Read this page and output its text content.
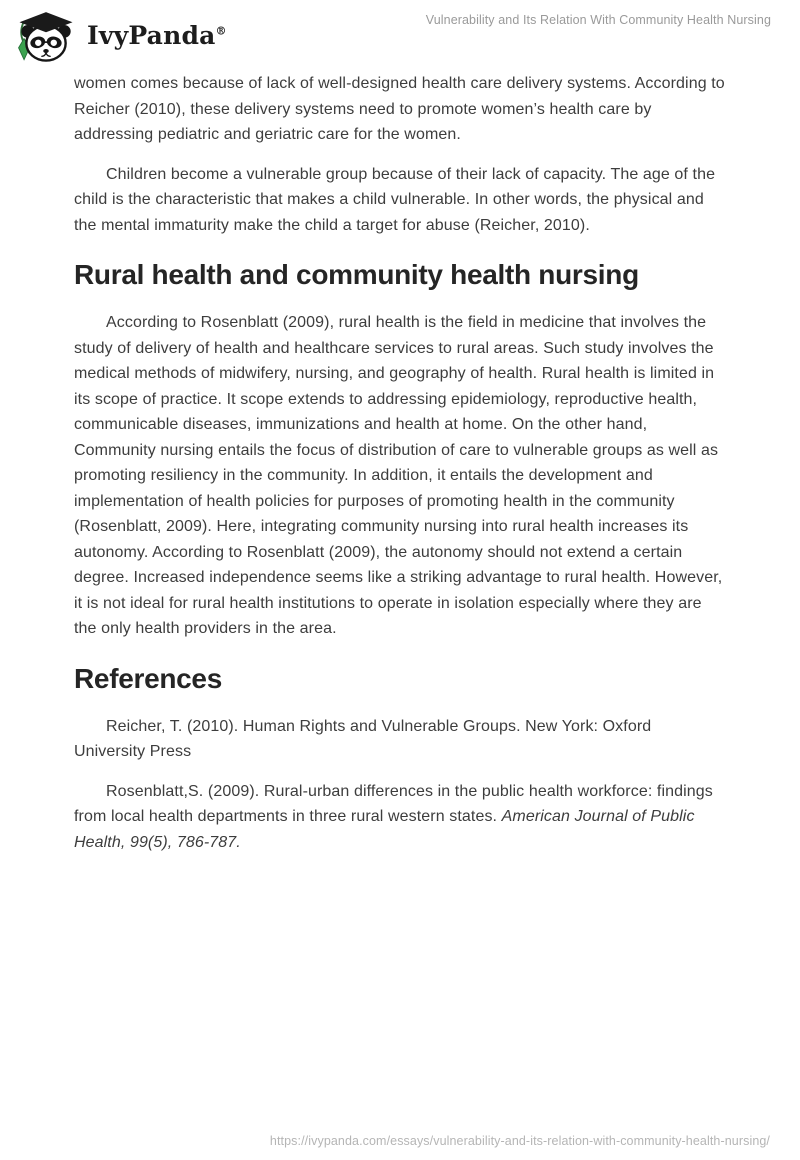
IvyPanda®
Vulnerability and Its Relation With Community Health Nursing

women comes because of lack of well-designed health care delivery systems. According to Reicher (2010), these delivery systems need to promote women’s health care by addressing pediatric and geriatric care for the women.

Children become a vulnerable group because of their lack of capacity. The age of the child is the characteristic that makes a child vulnerable. In other words, the physical and the mental immaturity make the child a target for abuse (Reicher, 2010).

Rural health and community health nursing

According to Rosenblatt (2009), rural health is the field in medicine that involves the study of delivery of health and healthcare services to rural areas. Such study involves the medical methods of midwifery, nursing, and geography of health. Rural health is limited in its scope of practice. It scope extends to addressing epidemiology, reproductive health, communicable diseases, immunizations and health at home. On the other hand, Community nursing entails the focus of distribution of care to vulnerable groups as well as promoting resiliency in the community. In addition, it entails the development and implementation of health policies for purposes of promoting health in the community (Rosenblatt, 2009). Here, integrating community nursing into rural health increases its autonomy. According to Rosenblatt (2009), the autonomy should not extend a certain degree. Increased independence seems like a striking advantage to rural health. However, it is not ideal for rural health institutions to operate in isolation especially where they are the only health providers in the area.

References

Reicher, T. (2010). Human Rights and Vulnerable Groups. New York: Oxford University Press

Rosenblatt,S. (2009). Rural-urban differences in the public health workforce: findings from local health departments in three rural western states. American Journal of Public Health, 99(5), 786-787.

https://ivypanda.com/essays/vulnerability-and-its-relation-with-community-health-nursing/
